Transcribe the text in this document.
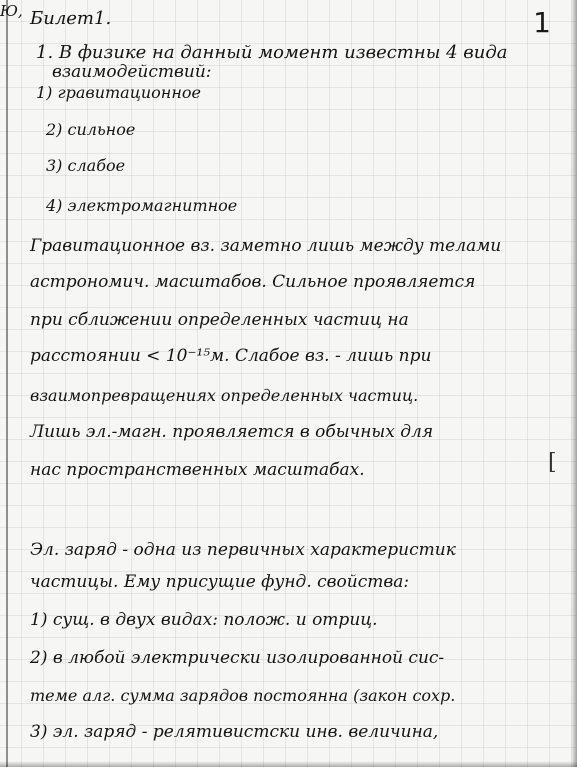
Ю,	1
Билет1.
1. В физике на данный момент известны 4 вида
взаимодействий:
1) гравитационное
2) сильное
3) слабое
4) электромагнитное
Гравитационное вз. заметно лишь между телами
астрономич. масштабов. Сильное проявляется
при сближении определенных частиц на
расстоянии < 10⁻¹⁵м. Слабое вз. - лишь при
взаимопревращениях определенных частиц.
Лишь эл.-магн. проявляется в обычных для
нас пространственных масштабах.	[
Эл. заряд - одна из первичных характеристик
частицы. Ему присущие фунд. свойства:
1) сущ. в двух видах: полож. и отриц.
2) в любой электрически изолированной сис-
теме алг. сумма зарядов постоянна (закон сохр.
3) эл. заряд - релятивистски инв. величина,
